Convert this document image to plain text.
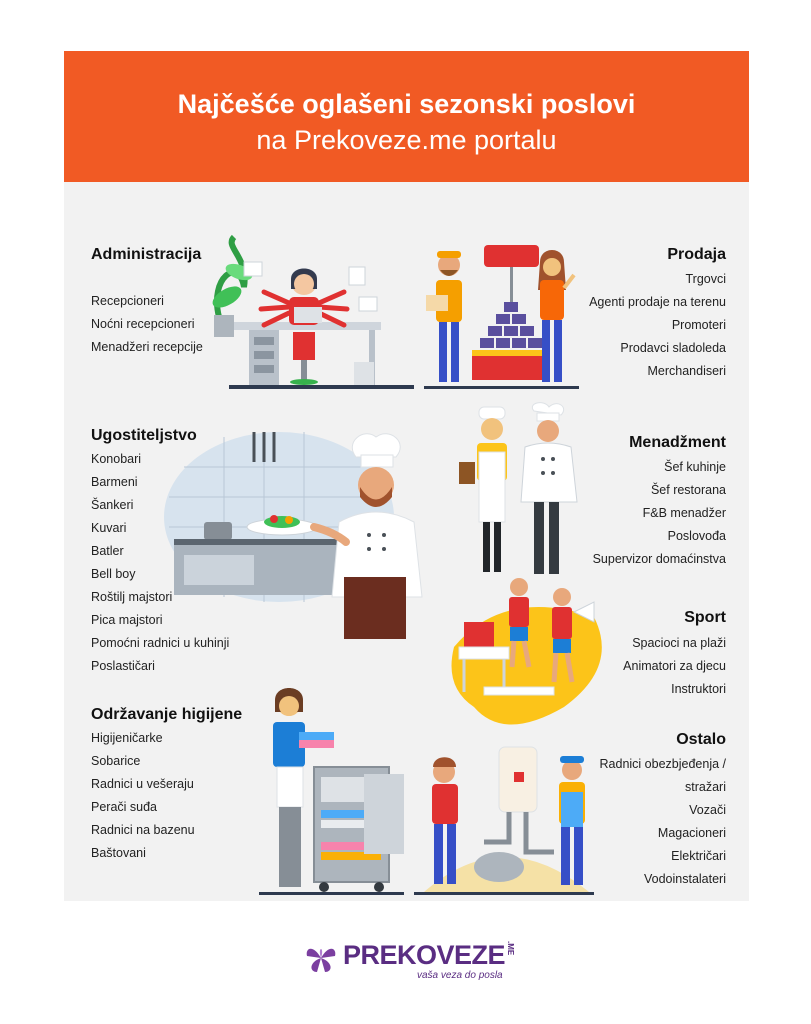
Najčešće oglašeni sezonski poslovi
na Prekoveze.me portalu
Administracija
Recepcioneri
Noćni recepcioneri
Menadžeri recepcije
Prodaja
Trgovci
Agenti prodaje na terenu
Promoteri
Prodavci sladoleda
Merchandiseri
Ugostiteljstvo
Konobari
Barmeni
Šankeri
Kuvari
Batler
Bell boy
Roštilj majstori
Pica majstori
Pomoćni radnici u kuhinji
Poslastičari
Menadžment
Šef kuhinje
Šef restorana
F&B menadžer
Poslovođa
Supervizor domaćinstva
Sport
Spacioci na plaži
Animatori za djecu
Instruktori
Održavanje higijene
Higijeničarke
Sobarice
Radnici u vešeraju
Perači suđa
Radnici na bazenu
Baštovani
Ostalo
Radnici obezbjeđenja /
stražari
Vozači
Magacioneri
Električari
Vodoinstalateri
PREKOVEZE .ME
vaša veza do posla
